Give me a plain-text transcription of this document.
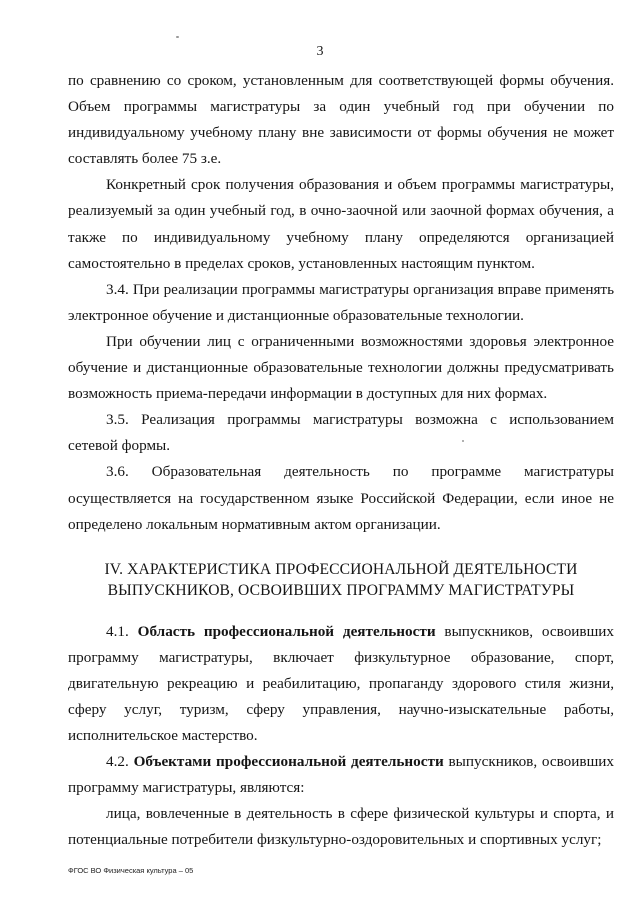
3

по сравнению со сроком, установленным для соответствующей формы обучения. Объем программы магистратуры за один учебный год при обучении по индивидуальному учебному плану вне зависимости от формы обучения не может составлять более 75 з.е.

Конкретный срок получения образования и объем программы магистратуры, реализуемый за один учебный год, в очно-заочной или заочной формах обучения, а также по индивидуальному учебному плану определяются организацией самостоятельно в пределах сроков, установленных настоящим пунктом.

3.4. При реализации программы магистратуры организация вправе применять электронное обучение и дистанционные образовательные технологии.

При обучении лиц с ограниченными возможностями здоровья электронное обучение и дистанционные образовательные технологии должны предусматривать возможность приема-передачи информации в доступных для них формах.

3.5. Реализация программы магистратуры возможна с использованием сетевой формы.

3.6. Образовательная деятельность по программе магистратуры осуществляется на государственном языке Российской Федерации, если иное не определено локальным нормативным актом организации.

IV. ХАРАКТЕРИСТИКА ПРОФЕССИОНАЛЬНОЙ ДЕЯТЕЛЬНОСТИ
ВЫПУСКНИКОВ, ОСВОИВШИХ ПРОГРАММУ МАГИСТРАТУРЫ

4.1. Область профессиональной деятельности выпускников, освоивших программу магистратуры, включает физкультурное образование, спорт, двигательную рекреацию и реабилитацию, пропаганду здорового стиля жизни, сферу услуг, туризм, сферу управления, научно-изыскательные работы, исполнительское мастерство.

4.2. Объектами профессиональной деятельности выпускников, освоивших программу магистратуры, являются:

лица, вовлеченные в деятельность в сфере физической культуры и спорта, и потенциальные потребители физкультурно-оздоровительных и спортивных услуг;

ФГОС ВО Физическая культура – 05
